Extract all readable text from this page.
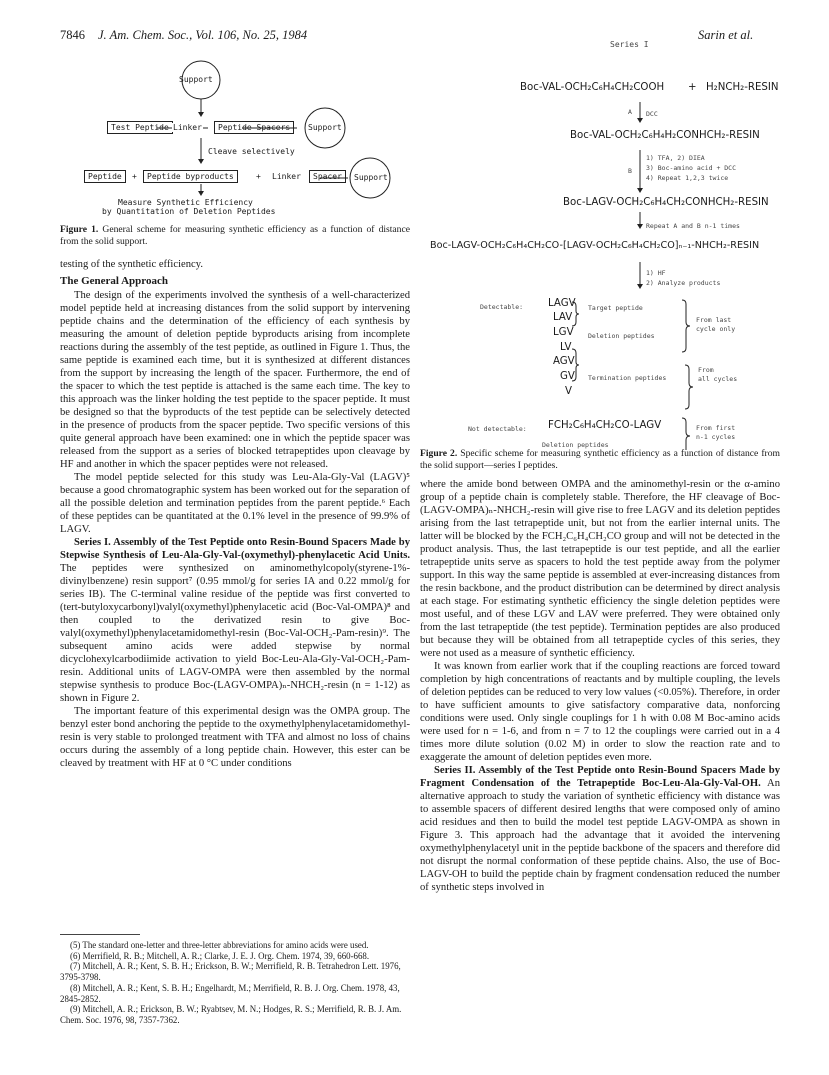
7846 J. Am. Chem. Soc., Vol. 106, No. 25, 1984	Sarin et al.
Support
Test Peptide Linker	Peptide Spacers	Support
Cleave selectively
Peptide	+	Peptide byproducts	+ Linker	Spacer	Support
Measure Synthetic Efficiency
by Quantitation of Deletion Peptides
Figure 1. General scheme for measuring synthetic efficiency as a function of distance from the solid support.

testing of the synthetic efficiency.

The General Approach

The design of the experiments involved the synthesis of a well-characterized model peptide held at increasing distances from the solid support by intervening peptide chains and the determination of the efficiency of each synthesis by measuring the amount of deletion peptide byproducts arising from incomplete reactions during the assembly of the test peptide, as outlined in Figure 1. Thus, the same peptide is examined each time, but it is synthesized at different distances from the support by increasing the length of the spacer. Furthermore, the end of the spacer to which the test peptide is attached is the same each time. The key to this approach was the linker holding the test peptide to the spacer peptide. It must be designed so that the byproducts of the test peptide can be selectively detected in the presence of products from the spacer peptide. Two specific versions of this quite general approach have been examined: one in which the peptide spacer was released from the support as a series of blocked tetrapeptides upon cleavage by HF and another in which the spacer peptides were not released.

The model peptide selected for this study was Leu-Ala-Gly-Val (LAGV)⁵ because a good chromatographic system has been worked out for the separation of all the possible deletion and termination peptides from the parent peptide.⁶ Each of these peptides can be quantitated at the 0.1% level in the presence of 99.9% of LAGV.

Series I. Assembly of the Test Peptide onto Resin-Bound Spacers Made by Stepwise Synthesis of Leu-Ala-Gly-Val-(oxymethyl)-phenylacetic Acid Units. The peptides were synthesized on aminomethylcopoly(styrene-1%-divinylbenzene) resin support⁷ (0.95 mmol/g for series IA and 0.22 mmol/g for series IB). The C-terminal valine residue of the peptide was first converted to (tert-butyloxycarbonyl)valyl(oxymethyl)phenylacetic acid (Boc-Val-OMPA)⁸ and then coupled to the derivatized resin to give Boc-valyl(oxymethyl)phenylacetamidomethyl-resin (Boc-Val-OCH₂-Pam-resin)⁹. The subsequent amino acids were added stepwise by normal dicyclohexylcarbodiimide activation to yield Boc-Leu-Ala-Gly-Val-OCH₂-Pam-resin. Additional units of LAGV-OMPA were then assembled by the normal stepwise synthesis to produce Boc-(LAGV-OMPA)ₙ-NHCH₂-resin (n = 1-12) as shown in Figure 2.

The important feature of this experimental design was the OMPA group. The benzyl ester bond anchoring the peptide to the oxymethylphenylacetamidomethyl-resin is very stable to prolonged treatment with TFA and almost no loss of chains occurs during the assembly of a long peptide chain. However, this ester can be cleaved by treatment with HF at 0 °C under conditions

(5) The standard one-letter and three-letter abbreviations for amino acids were used.
(6) Merrifield, R. B.; Mitchell, A. R.; Clarke, J. E. J. Org. Chem. 1974, 39, 660-668.
(7) Mitchell, A. R.; Kent, S. B. H.; Erickson, B. W.; Merrifield, R. B. Tetrahedron Lett. 1976, 3795-3798.
(8) Mitchell, A. R.; Kent, S. B. H.; Engelhardt, M.; Merrifield, R. B. J. Org. Chem. 1978, 43, 2845-2852.
(9) Mitchell, A. R.; Erickson, B. W.; Ryabtsev, M. N.; Hodges, R. S.; Merrifield, R. B. J. Am. Chem. Soc. 1976, 98, 7357-7362.
Series I
Boc-VAL-OCH₂C₆H₄CH₂COOH + H₂NCH₂-RESIN
A DCC
Boc-VAL-OCH₂C₆H₄H₂CONHCH₂-RESIN
B
1) TFA, 2) DIEA
3) Boc-amino acid + DCC
4) Repeat 1,2,3 twice
Boc-LAGV-OCH₂C₆H₄CH₂CONHCH₂-RESIN
Repeat A and B n-1 times
Boc-LAGV-OCH₂C₆H₄CH₂CO-[LAGV-OCH₂C₆H₄CH₂CO]ₙ₋₁-NHCH₂-RESIN
1) HF
2) Analyze products
Detectable: LAGV
LAV
LGV
LV
AGV
GV
V
Target peptide
Deletion peptides
Termination peptides
From last
cycle only
From
all cycles
Not detectable: FCH₂C₆H₄CH₂CO-LAGV	From first
n-1 cycles
Deletion peptides
Figure 2. Specific scheme for measuring synthetic efficiency as a function of distance from the solid support—series I peptides.

where the amide bond between OMPA and the aminomethyl-resin or the α-amino group of a peptide chain is completely stable. Therefore, the HF cleavage of Boc-(LAGV-OMPA)ₙ-NHCH₂-resin will give rise to free LAGV and its deletion peptides arising from the last tetrapeptide unit, but not from the earlier internal units. The latter will be blocked by the FCH₂C₆H₄CH₂CO group and will not be detected in the product analysis. Thus, the last tetrapeptide is our test peptide, and all the earlier tetrapeptide units serve as spacers to hold the test peptide away from the polymer support. In this way the same peptide is assembled at ever-increasing distances from the resin backbone, and the product distribution can be determined by direct analysis at each stage. For estimating synthetic efficiency the single deletion peptides were most useful, and of these LGV and LAV were preferred. They were obtained only from the last tetrapeptide (the test peptide). Termination peptides are also produced but because they will be obtained from all tetrapeptide cycles of this series, they were not used as a measure of synthetic efficiency.

It was known from earlier work that if the coupling reactions are forced toward completion by high concentrations of reactants and by multiple coupling, the levels of deletion peptides can be reduced to very low values (<0.05%). Therefore, in order to have sufficient amounts to give satisfactory comparative data, nonforcing conditions were used. Only single couplings for 1 h with 0.08 M Boc-amino acids were used for n = 1-6, and from n = 7 to 12 the couplings were carried out in a 4 times more dilute solution (0.02 M) in order to slow the reaction rate and to exaggerate the amount of deletion peptides even more.

Series II. Assembly of the Test Peptide onto Resin-Bound Spacers Made by Fragment Condensation of the Tetrapeptide Boc-Leu-Ala-Gly-Val-OH. An alternative approach to study the variation of synthetic efficiency with distance was to assemble spacers of different desired lengths that were composed only of amino acid residues and then to build the model test peptide LAGV-OMPA as shown in Figure 3. This approach had the advantage that it avoided the intervening oxymethylphenylacetyl unit in the peptide backbone of the spacers and therefore did not disrupt the normal conformation of these peptide chains. Also, the use of Boc-LAGV-OH to build the peptide chain by fragment condensation reduced the number of synthetic steps involved in
